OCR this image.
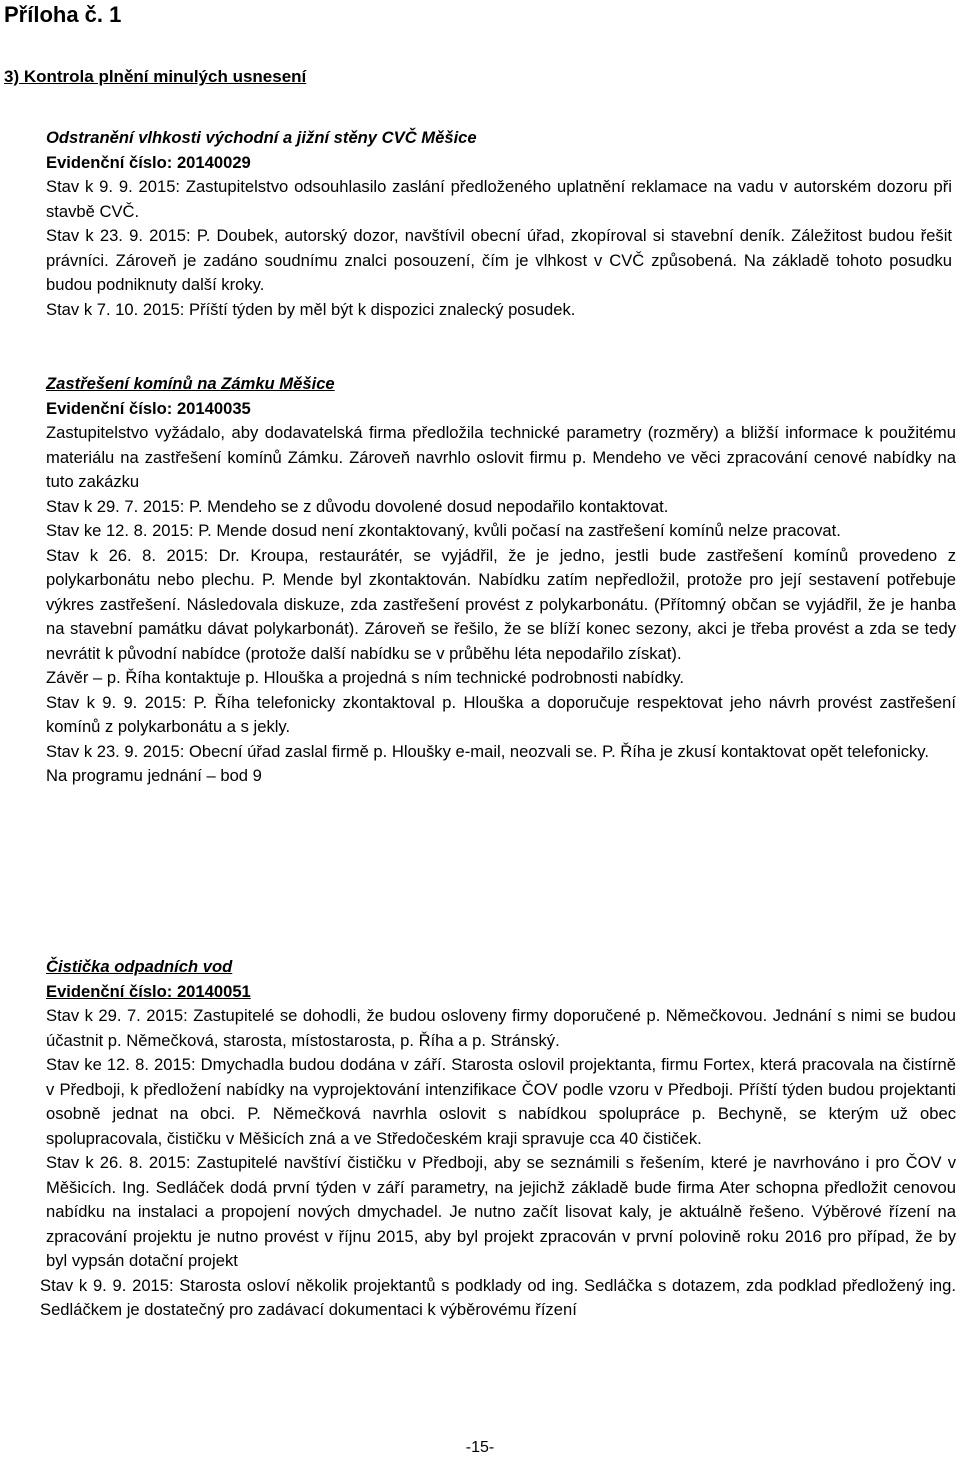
Příloha č. 1
3) Kontrola plnění minulých usnesení

Odstranění vlhkosti východní a jižní stěny CVČ Měšice

Evidenční číslo: 20140029

Stav k 9. 9. 2015: Zastupitelstvo odsouhlasilo zaslání předloženého uplatnění reklamace na vadu v autorském dozoru při stavbě CVČ.

Stav k 23. 9. 2015: P. Doubek, autorský dozor, navštívil obecní úřad, zkopíroval si stavební deník. Záležitost budou řešit právníci. Zároveň je zadáno soudnímu znalci posouzení, čím je vlhkost v CVČ způsobená. Na základě tohoto posudku budou podniknuty další kroky.

Stav k 7. 10. 2015: Příští týden by měl být k dispozici znalecký posudek.

Zastřešení komínů na Zámku Měšice

Evidenční číslo: 20140035

Zastupitelstvo vyžádalo, aby dodavatelská firma předložila technické parametry (rozměry) a bližší informace k použitému materiálu na zastřešení komínů Zámku. Zároveň navrhlo oslovit firmu p. Mendeho ve věci zpracování cenové nabídky na tuto zakázku

Stav k 29. 7. 2015: P. Mendeho se z důvodu dovolené dosud nepodařilo kontaktovat.

Stav ke 12. 8. 2015: P. Mende dosud není zkontaktovaný, kvůli počasí na zastřešení komínů nelze pracovat.

Stav k 26. 8. 2015: Dr. Kroupa, restaurátér, se vyjádřil, že je jedno, jestli bude zastřešení komínů provedeno z polykarbonátu nebo plechu. P. Mende byl zkontaktován. Nabídku zatím nepředložil, protože pro její sestavení potřebuje výkres zastřešení. Následovala diskuze, zda zastřešení provést z polykarbonátu. (Přítomný občan se vyjádřil, že je hanba na stavební památku dávat polykarbonát). Zároveň se řešilo, že se blíží konec sezony, akci je třeba provést a zda se tedy nevrátit k původní nabídce (protože další nabídku se v průběhu léta nepodařilo získat).

Závěr – p. Říha kontaktuje p. Hlouška a projedná s ním technické podrobnosti nabídky.

Stav k 9. 9. 2015: P. Říha telefonicky zkontaktoval p. Hlouška a doporučuje respektovat jeho návrh provést zastřešení komínů z polykarbonátu a s jekly.

Stav k 23. 9. 2015: Obecní úřad zaslal firmě p. Hloušky e-mail, neozvali se. P. Říha je zkusí kontaktovat opět telefonicky.

Na programu jednání – bod 9

Čistička odpadních vod

Evidenční číslo: 20140051

Stav k 29. 7. 2015: Zastupitelé se dohodli, že budou osloveny firmy doporučené p. Němečkovou. Jednání s nimi se budou účastnit p. Němečková, starosta, místostarosta, p. Říha a p. Stránský.

Stav ke 12. 8. 2015: Dmychadla budou dodána v září. Starosta oslovil projektanta, firmu Fortex, která pracovala na čistírně v Předboji, k předložení nabídky na vyprojektování intenzifikace ČOV podle vzoru v Předboji. Příští týden budou projektanti osobně jednat na obci. P. Němečková navrhla oslovit s nabídkou spolupráce p. Bechyně, se kterým už obec spolupracovala, čističku v Měšicích zná a ve Středočeském kraji spravuje cca 40 čističek.

Stav k 26. 8. 2015: Zastupitelé navštíví čističku v Předboji, aby se seznámili s řešením, které je navrhováno i pro ČOV v Měšicích. Ing. Sedláček dodá první týden v září parametry, na jejichž základě bude firma Ater schopna předložit cenovou nabídku na instalaci a propojení nových dmychadel. Je nutno začít lisovat kaly, je aktuálně řešeno. Výběrové řízení na zpracování projektu je nutno provést v říjnu 2015, aby byl projekt zpracován v první polovině roku 2016 pro případ, že by byl vypsán dotační projekt

Stav k 9. 9. 2015: Starosta osloví několik projektantů s podklady od ing. Sedláčka s dotazem, zda podklad předložený ing. Sedláčkem je dostatečný pro zadávací dokumentaci k výběrovému řízení

-15-
